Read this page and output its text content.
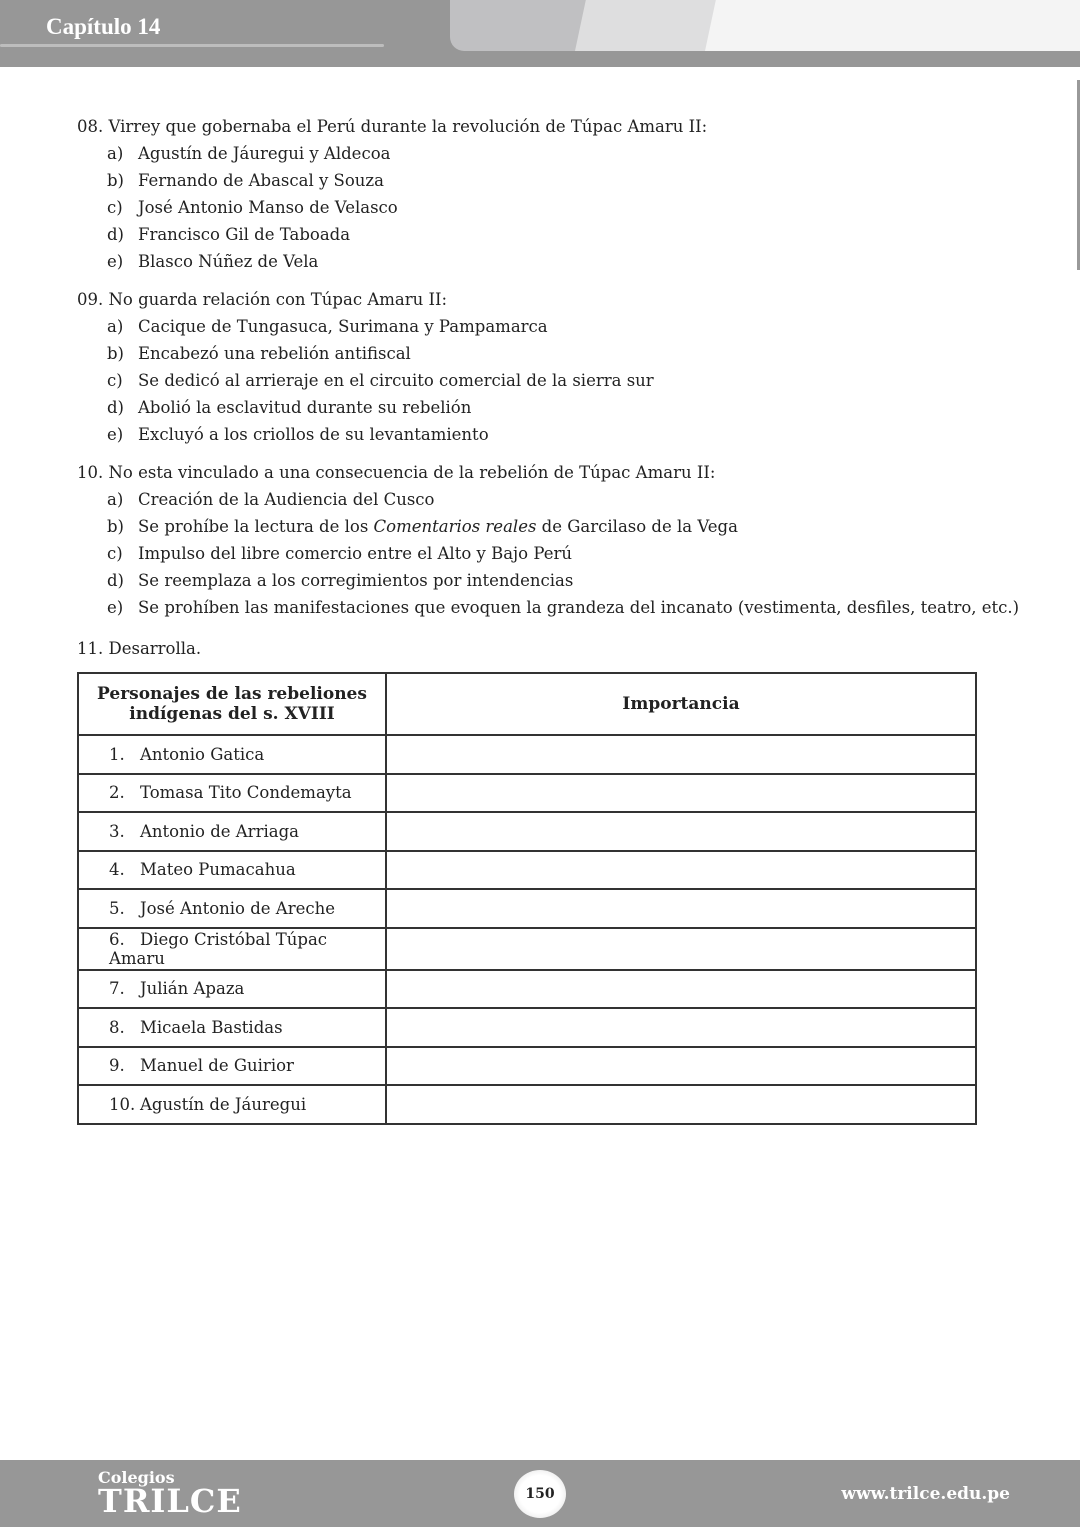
Capítulo 14
08. Virrey que gobernaba el Perú durante la revolución de Túpac Amaru II:
a) Agustín de Jáuregui y Aldecoa
b) Fernando de Abascal y Souza
c) José Antonio Manso de Velasco
d) Francisco Gil de Taboada
e) Blasco Núñez de Vela
09. No guarda relación con Túpac Amaru II:
a) Cacique de Tungasuca, Surimana y Pampamarca
b) Encabezó una rebelión antifiscal
c) Se dedicó al arrieraje en el circuito comercial de la sierra sur
d) Abolió la esclavitud durante su rebelión
e) Excluyó a los criollos de su levantamiento
10. No esta vinculado a una consecuencia de la rebelión de Túpac Amaru II:
a) Creación de la Audiencia del Cusco
b) Se prohíbe la lectura de los Comentarios reales de Garcilaso de la Vega
c) Impulso del libre comercio entre el Alto y Bajo Perú
d) Se reemplaza a los corregimientos por intendencias
e) Se prohíben las manifestaciones que evoquen la grandeza del incanato (vestimenta, desfiles, teatro, etc.)
11. Desarrolla.
Personajes de las rebeliones indígenas del s. XVIII	Importancia
1. Antonio Gatica	
2. Tomasa Tito Condemayta	
3. Antonio de Arriaga	
4. Mateo Pumacahua	
5. José Antonio de Areche	
6. Diego Cristóbal Túpac Amaru	
7. Julián Apaza	
8. Micaela Bastidas	
9. Manuel de Guirior	
10. Agustín de Jáuregui	
Colegios
TRILCE	150	www.trilce.edu.pe
